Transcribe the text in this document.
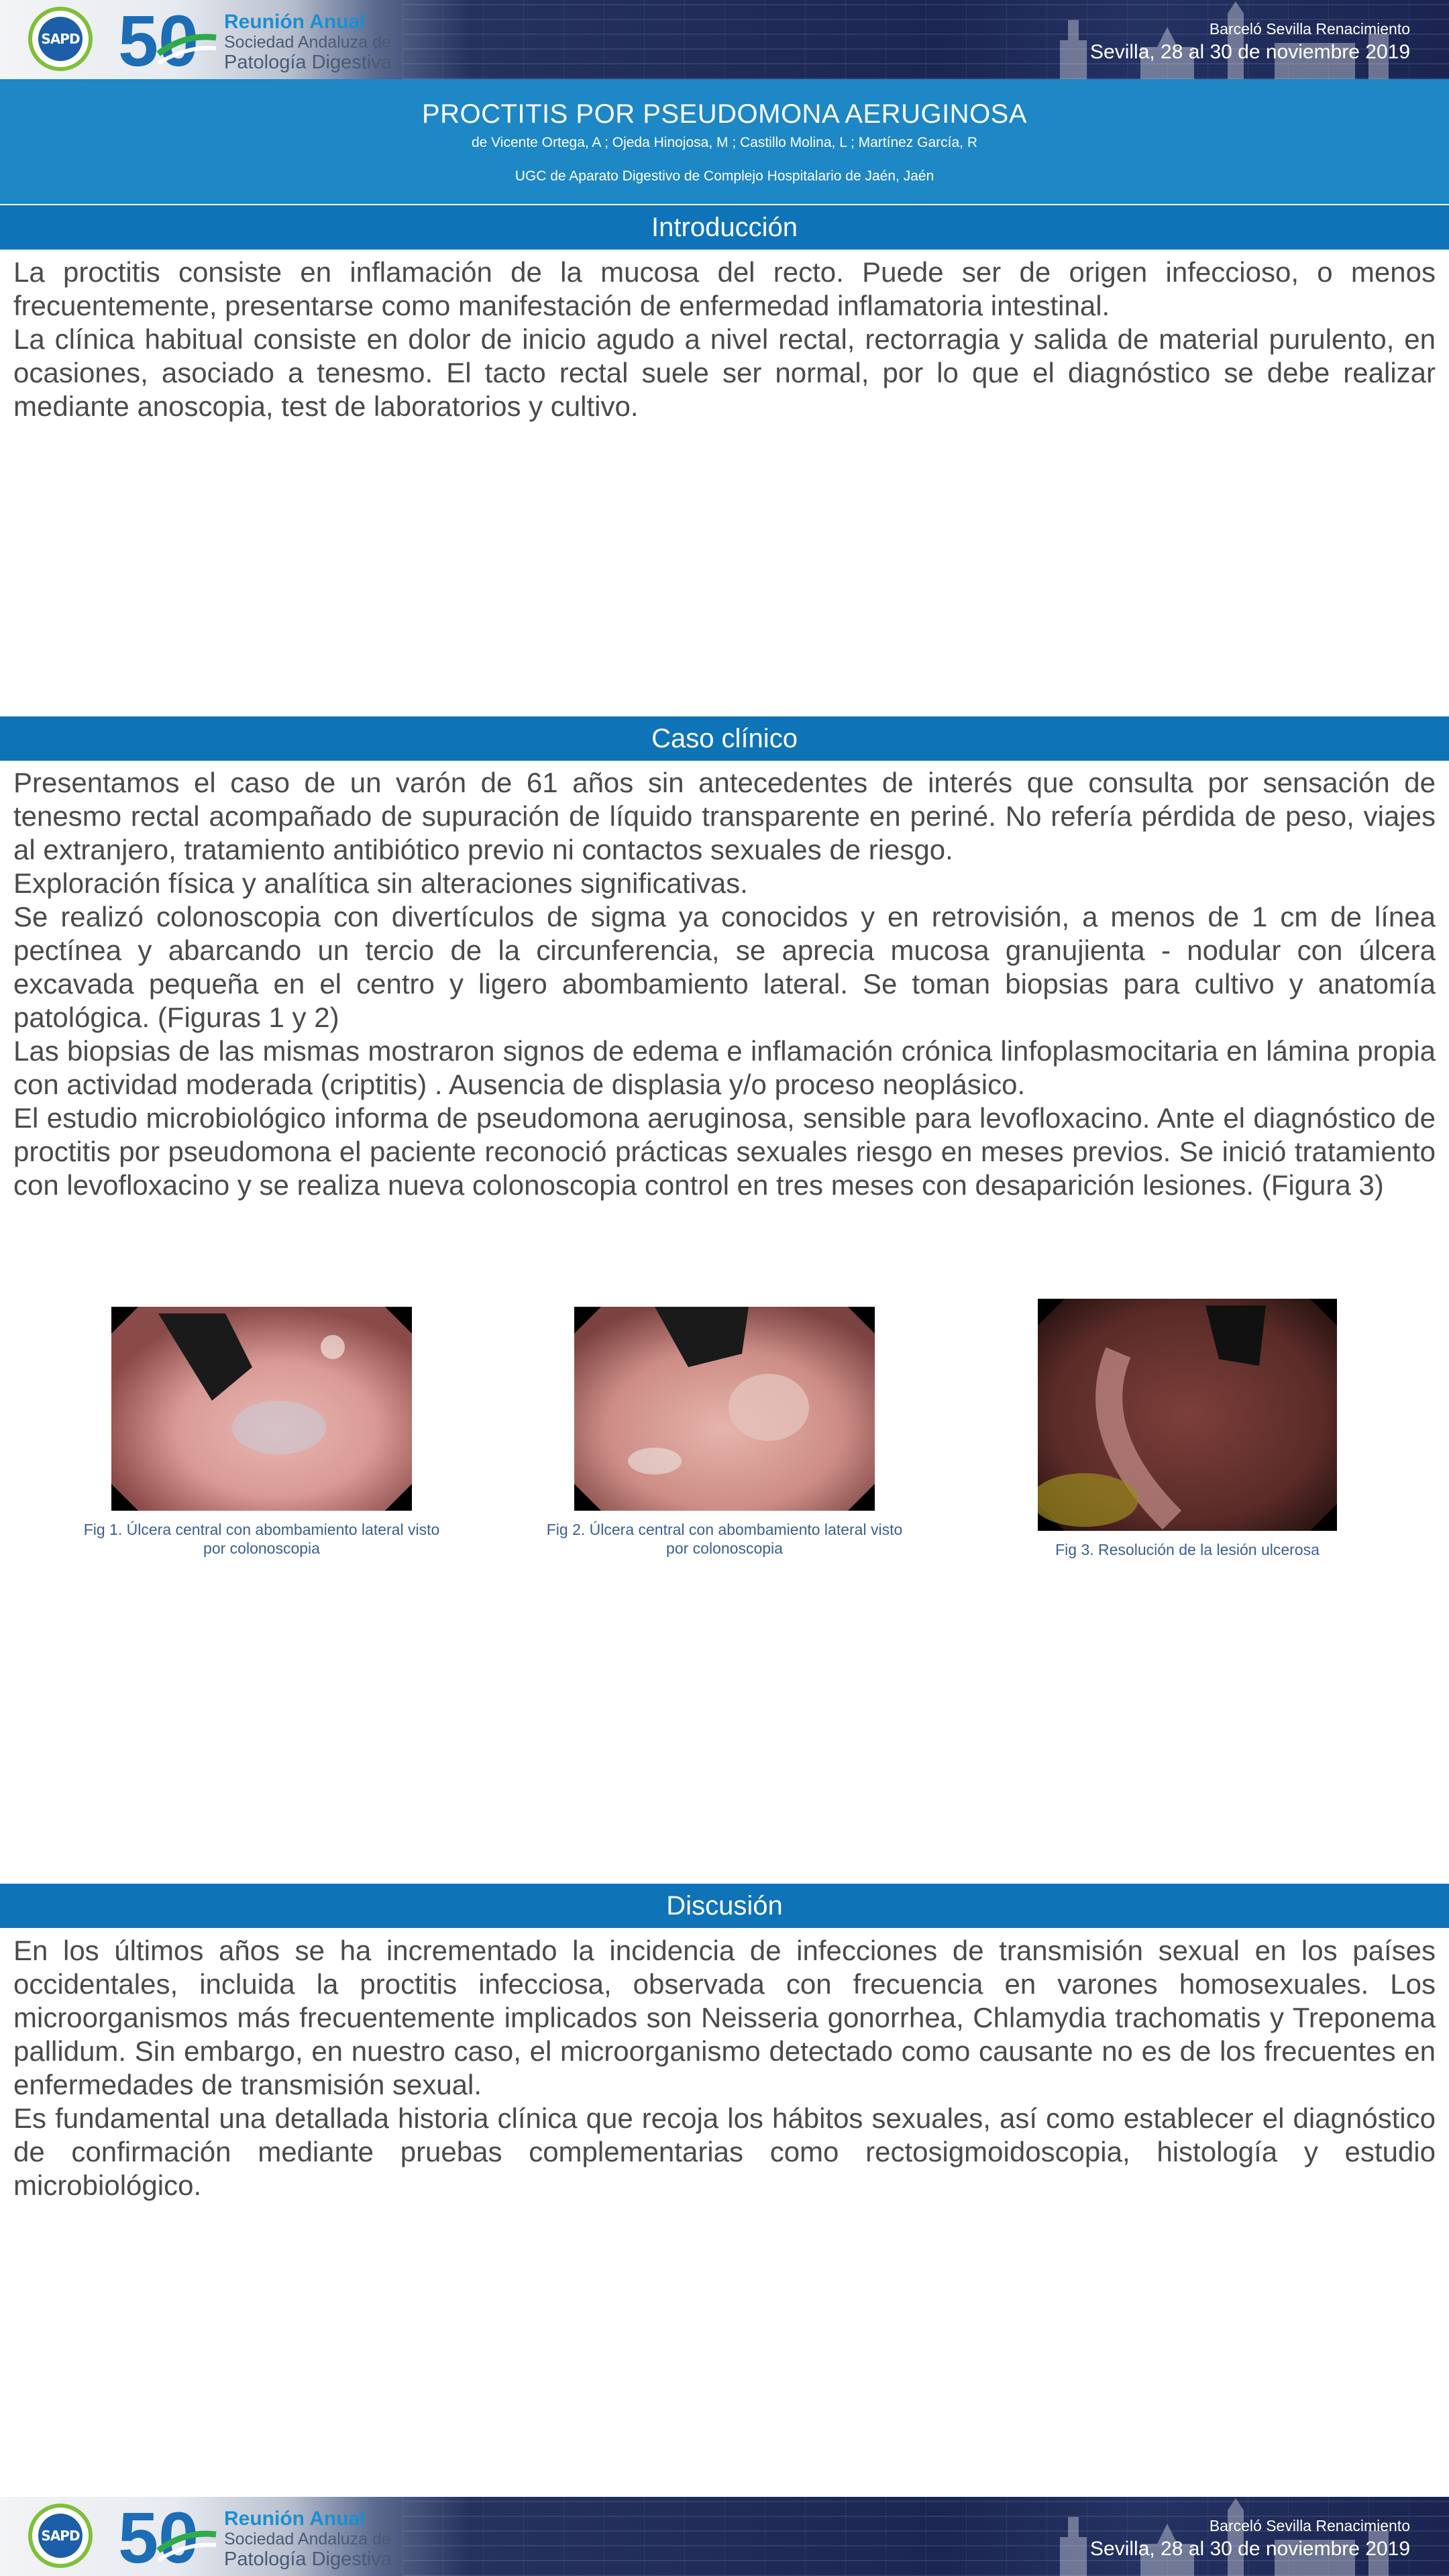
SAPD 50 Reunión Anual
Sociedad Andaluza de
Patología Digestiva
Barceló Sevilla Renacimiento
Sevilla, 28 al 30 de noviembre 2019
PROCTITIS POR PSEUDOMONA AERUGINOSA
de Vicente Ortega, A ; Ojeda Hinojosa, M ; Castillo Molina, L ; Martínez García, R
UGC de Aparato Digestivo de Complejo Hospitalario de Jaén, Jaén
Introducción

La proctitis consiste en inflamación de la mucosa del recto. Puede ser de origen infeccioso, o menos frecuentemente, presentarse como manifestación de enfermedad inflamatoria intestinal.

La clínica habitual consiste en dolor de inicio agudo a nivel rectal, rectorragia y salida de material purulento, en ocasiones, asociado a tenesmo. El tacto rectal suele ser normal, por lo que el diagnóstico se debe realizar mediante anoscopia, test de laboratorios y cultivo.

Caso clínico

Presentamos el caso de un varón de 61 años sin antecedentes de interés que consulta por sensación de tenesmo rectal acompañado de supuración de líquido transparente en periné. No refería pérdida de peso, viajes al extranjero, tratamiento antibiótico previo ni contactos sexuales de riesgo.

Exploración física y analítica sin alteraciones significativas.

Se realizó colonoscopia con divertículos de sigma ya conocidos y en retrovisión, a menos de 1 cm de línea pectínea y abarcando un tercio de la circunferencia, se aprecia mucosa granujienta - nodular con úlcera excavada pequeña en el centro y ligero abombamiento lateral. Se toman biopsias para cultivo y anatomía patológica. (Figuras 1 y 2)

Las biopsias de las mismas mostraron signos de edema e inflamación crónica linfoplasmocitaria en lámina propia con actividad moderada (criptitis) . Ausencia de displasia y/o proceso neoplásico.

El estudio microbiológico informa de pseudomona aeruginosa, sensible para levofloxacino. Ante el diagnóstico de proctitis por pseudomona el paciente reconoció prácticas sexuales riesgo en meses previos. Se inició tratamiento con levofloxacino y se realiza nueva colonoscopia control en tres meses con desaparición lesiones. (Figura 3)

Fig 1. Úlcera central con abombamiento lateral visto por colonoscopia
Fig 2. Úlcera central con abombamiento lateral visto por colonoscopia	Fig 3. Resolución de la lesión ulcerosa
Discusión

En los últimos años se ha incrementado la incidencia de infecciones de transmisión sexual en los países occidentales, incluida la proctitis infecciosa, observada con frecuencia en varones homosexuales. Los microorganismos más frecuentemente implicados son Neisseria gonorrhea, Chlamydia trachomatis y Treponema pallidum. Sin embargo, en nuestro caso, el microorganismo detectado como causante no es de los frecuentes en enfermedades de transmisión sexual.

Es fundamental una detallada historia clínica que recoja los hábitos sexuales, así como establecer el diagnóstico de confirmación mediante pruebas complementarias como rectosigmoidoscopia, histología y estudio microbiológico.

SAPD 50 Reunión Anual
Sociedad Andaluza de
Patología Digestiva
Barceló Sevilla Renacimiento
Sevilla, 28 al 30 de noviembre 2019
